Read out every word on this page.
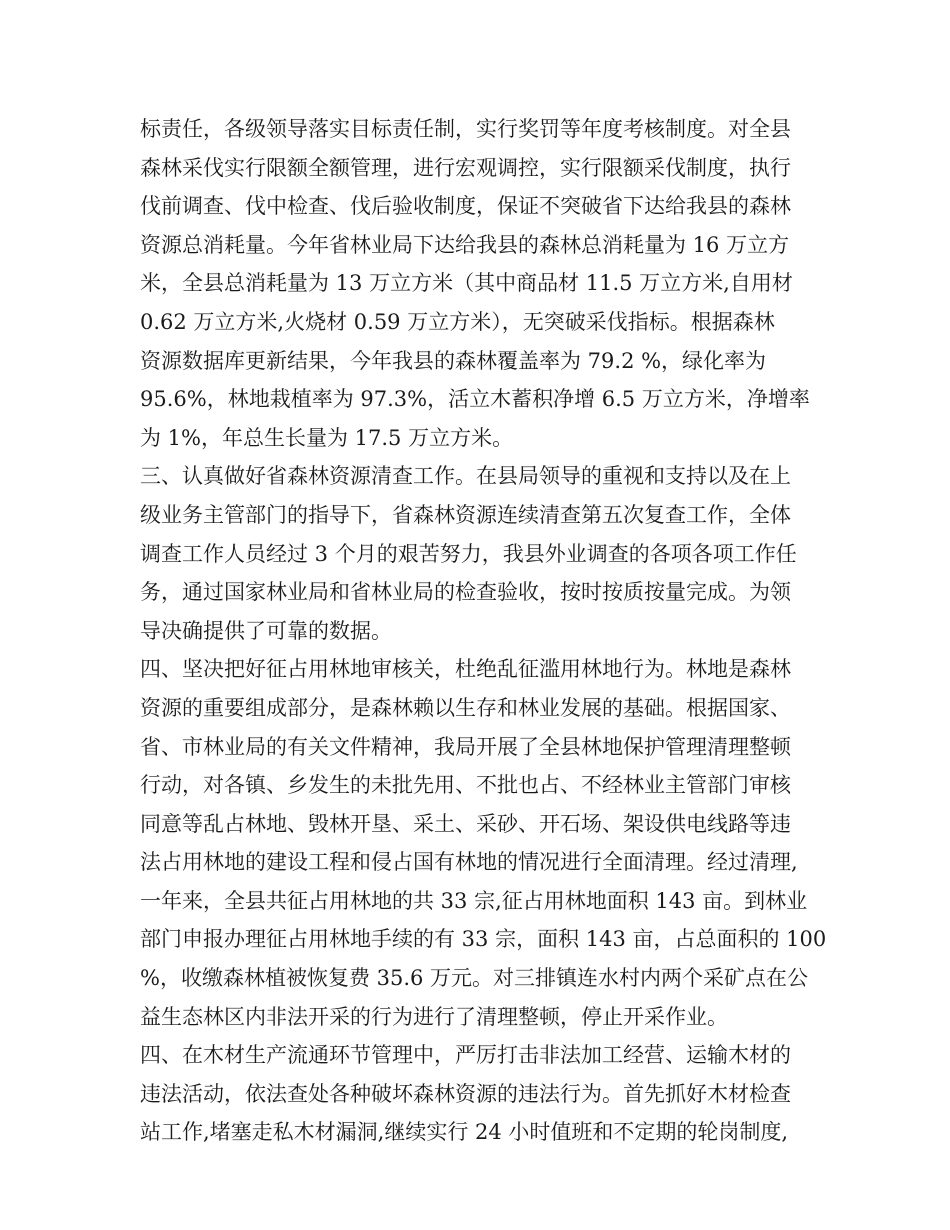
标责任，各级领导落实目标责任制，实行奖罚等年度考核制度。对全县
森林采伐实行限额全额管理，进行宏观调控，实行限额采伐制度，执行
伐前调查、伐中检查、伐后验收制度，保证不突破省下达给我县的森林
资源总消耗量。今年省林业局下达给我县的森林总消耗量为 16 万立方
米，全县总消耗量为 13 万立方米（其中商品材 11.5 万立方米,自用材
0.62 万立方米,火烧材 0.59 万立方米），无突破采伐指标。根据森林
资源数据库更新结果，今年我县的森林覆盖率为 79.2 %，绿化率为
95.6%，林地栽植率为 97.3%，活立木蓄积净增 6.5 万立方米，净增率
为 1%，年总生长量为 17.5 万立方米。
三、认真做好省森林资源清查工作。在县局领导的重视和支持以及在上
级业务主管部门的指导下，省森林资源连续清查第五次复查工作，全体
调查工作人员经过 3 个月的艰苦努力，我县外业调查的各项各项工作任
务，通过国家林业局和省林业局的检查验收，按时按质按量完成。为领
导决确提供了可靠的数据。
四、坚决把好征占用林地审核关，杜绝乱征滥用林地行为。林地是森林
资源的重要组成部分，是森林赖以生存和林业发展的基础。根据国家、
省、市林业局的有关文件精神，我局开展了全县林地保护管理清理整顿
行动，对各镇、乡发生的未批先用、不批也占、不经林业主管部门审核
同意等乱占林地、毁林开垦、采土、采砂、开石场、架设供电线路等违
法占用林地的建设工程和侵占国有林地的情况进行全面清理。经过清理,
一年来，全县共征占用林地的共 33 宗,征占用林地面积 143 亩。到林业
部门申报办理征占用林地手续的有 33 宗，面积 143 亩，占总面积的 100
%，收缴森林植被恢复费 35.6 万元。对三排镇连水村内两个采矿点在公
益生态林区内非法开采的行为进行了清理整顿，停止开采作业。
四、在木材生产流通环节管理中，严厉打击非法加工经营、运输木材的
违法活动，依法查处各种破坏森林资源的违法行为。首先抓好木材检查
站工作,堵塞走私木材漏洞,继续实行 24 小时值班和不定期的轮岗制度,
